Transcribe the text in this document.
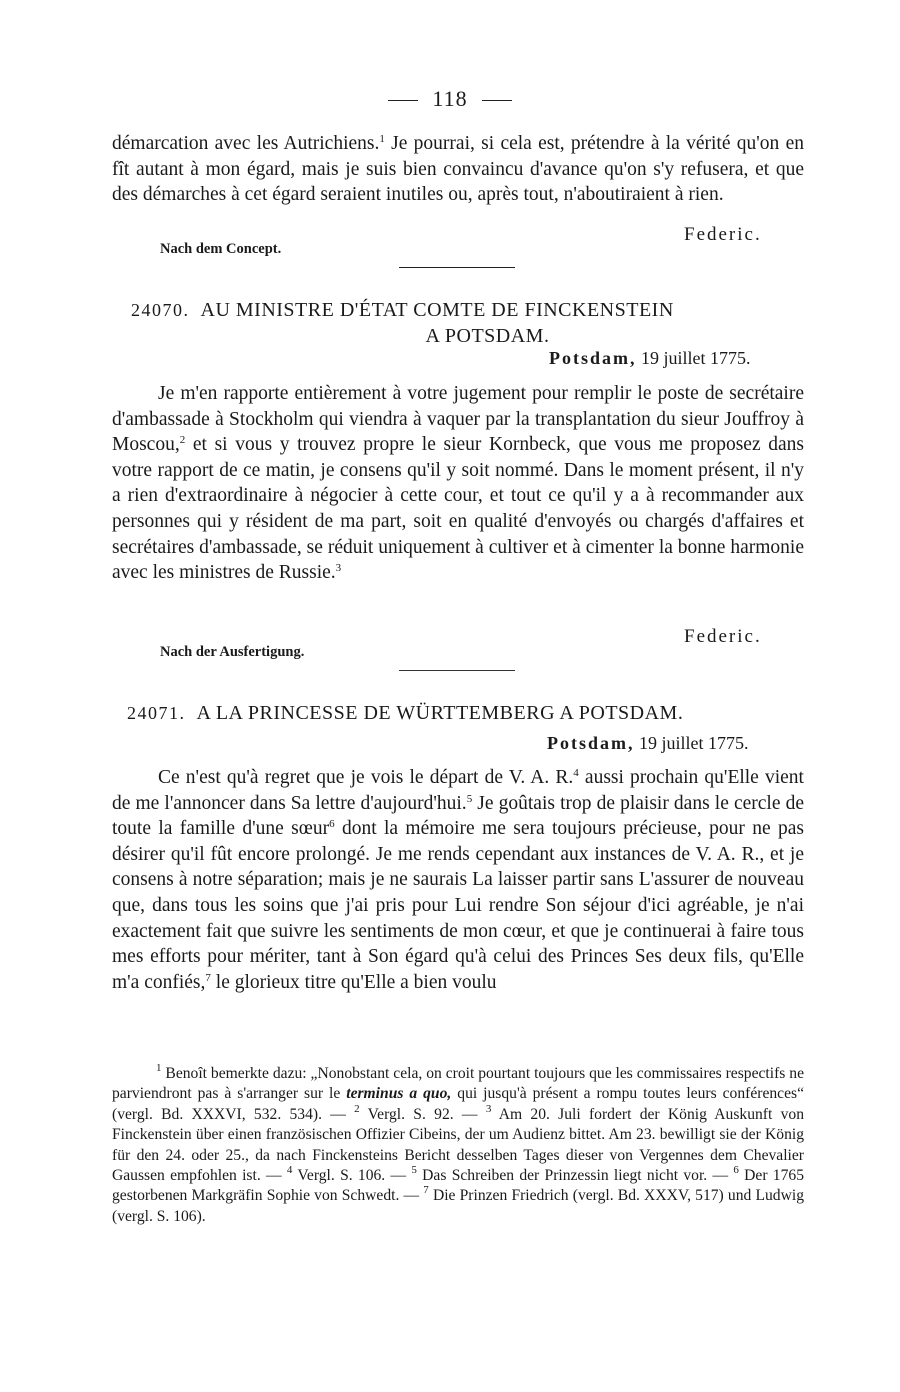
118

démarcation avec les Autrichiens.$^1$ Je pourrai, si cela est, prétendre à la vérité qu'on en fît autant à mon égard, mais je suis bien convaincu d'avance qu'on s'y refusera, et que des démarches à cet égard seraient inutiles ou, après tout, n'aboutiraient à rien.

Federic.
Nach dem Concept.
24070. AU MINISTRE D'ÉTAT COMTE DE FINCKENSTEIN
A POTSDAM.
Potsdam, 19 juillet 1775.

Je m'en rapporte entièrement à votre jugement pour remplir le poste de secrétaire d'ambassade à Stockholm qui viendra à vaquer par la transplantation du sieur Jouffroy à Moscou,$^2$ et si vous y trouvez propre le sieur Kornbeck, que vous me proposez dans votre rapport de ce matin, je consens qu'il y soit nommé. Dans le moment présent, il n'y a rien d'extraordinaire à négocier à cette cour, et tout ce qu'il y a à recommander aux personnes qui y résident de ma part, soit en qualité d'envoyés ou chargés d'affaires et secrétaires d'ambassade, se réduit uniquement à cultiver et à cimenter la bonne harmonie avec les ministres de Russie.$^3$

Federic.
Nach der Ausfertigung.
24071. A LA PRINCESSE DE WÜRTTEMBERG A POTSDAM.
Potsdam, 19 juillet 1775.

Ce n'est qu'à regret que je vois le départ de V. A. R.$^4$ aussi prochain qu'Elle vient de me l'annoncer dans Sa lettre d'aujourd'hui.$^5$ Je goûtais trop de plaisir dans le cercle de toute la famille d'une sœur$^6$ dont la mémoire me sera toujours précieuse, pour ne pas désirer qu'il fût encore prolongé. Je me rends cependant aux instances de V. A. R., et je consens à notre séparation; mais je ne saurais La laisser partir sans L'assurer de nouveau que, dans tous les soins que j'ai pris pour Lui rendre Son séjour d'ici agréable, je n'ai exactement fait que suivre les sentiments de mon cœur, et que je continuerai à faire tous mes efforts pour mériter, tant à Son égard qu'à celui des Princes Ses deux fils, qu'Elle m'a confiés,$^7$ le glorieux titre qu'Elle a bien voulu

$^1$ Benoît bemerkte dazu: „Nonobstant cela, on croit pourtant toujours que les commissaires respectifs ne parviendront pas à s'arranger sur le terminus a quo, qui jusqu'à présent a rompu toutes leurs conférences“ (vergl. Bd. XXXVI, 532. 534). — $^2$ Vergl. S. 92. — $^3$ Am 20. Juli fordert der König Auskunft von Finckenstein über einen französischen Offizier Cibeins, der um Audienz bittet. Am 23. bewilligt sie der König für den 24. oder 25., da nach Finckensteins Bericht desselben Tages dieser von Vergennes dem Chevalier Gaussen empfohlen ist. — $^4$ Vergl. S. 106. — $^5$ Das Schreiben der Prinzessin liegt nicht vor. — $^6$ Der 1765 gestorbenen Markgräfin Sophie von Schwedt. — $^7$ Die Prinzen Friedrich (vergl. Bd. XXXV, 517) und Ludwig (vergl. S. 106).
